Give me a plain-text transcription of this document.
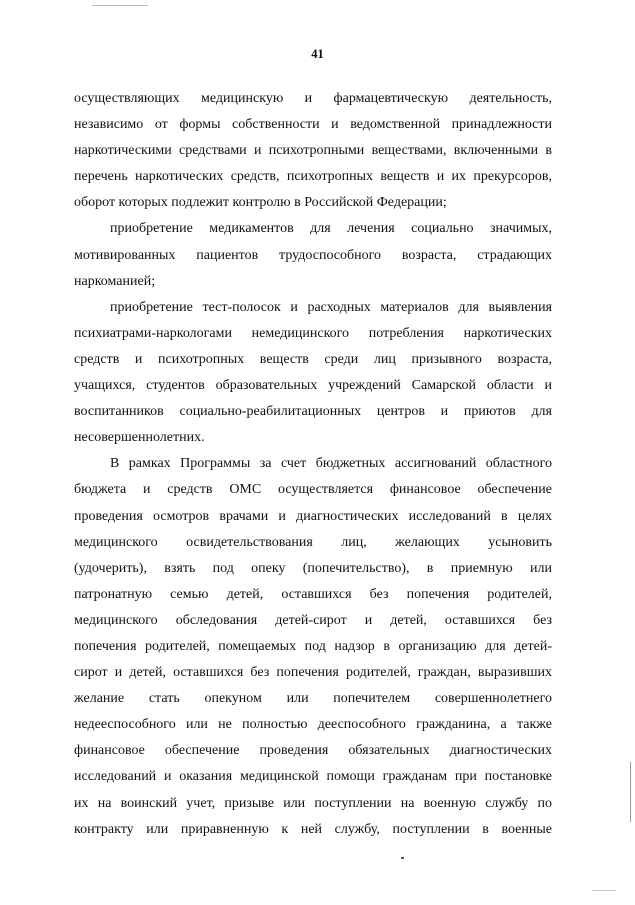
41

осуществляющих медицинскую и фармацевтическую деятельность,

независимо от формы собственности и ведомственной принадлежности

наркотическими средствами и психотропными веществами, включенными в

перечень наркотических средств, психотропных веществ и их прекурсоров,

оборот которых подлежит контролю в Российской Федерации;

приобретение медикаментов для лечения социально значимых,

мотивированных пациентов трудоспособного возраста, страдающих

наркоманией;

приобретение тест-полосок и расходных материалов для выявления

психиатрами-наркологами немедицинского потребления наркотических

средств и психотропных веществ среди лиц призывного возраста,

учащихся, студентов образовательных учреждений Самарской области и

воспитанников социально-реабилитационных центров и приютов для

несовершеннолетних.

В рамках Программы за счет бюджетных ассигнований областного

бюджета и средств ОМС осуществляется финансовое обеспечение

проведения осмотров врачами и диагностических исследований в целях

медицинского освидетельствования лиц, желающих усыновить

(удочерить), взять под опеку (попечительство), в приемную или

патронатную семью детей, оставшихся без попечения родителей,

медицинского обследования детей-сирот и детей, оставшихся без

попечения родителей, помещаемых под надзор в организацию для детей-

сирот и детей, оставшихся без попечения родителей, граждан, выразивших

желание стать опекуном или попечителем совершеннолетнего

недееспособного или не полностью дееспособного гражданина, а также

финансовое обеспечение проведения обязательных диагностических

исследований и оказания медицинской помощи гражданам при постановке

их на воинский учет, призыве или поступлении на военную службу по

контракту или приравненную к ней службу, поступлении в военные
